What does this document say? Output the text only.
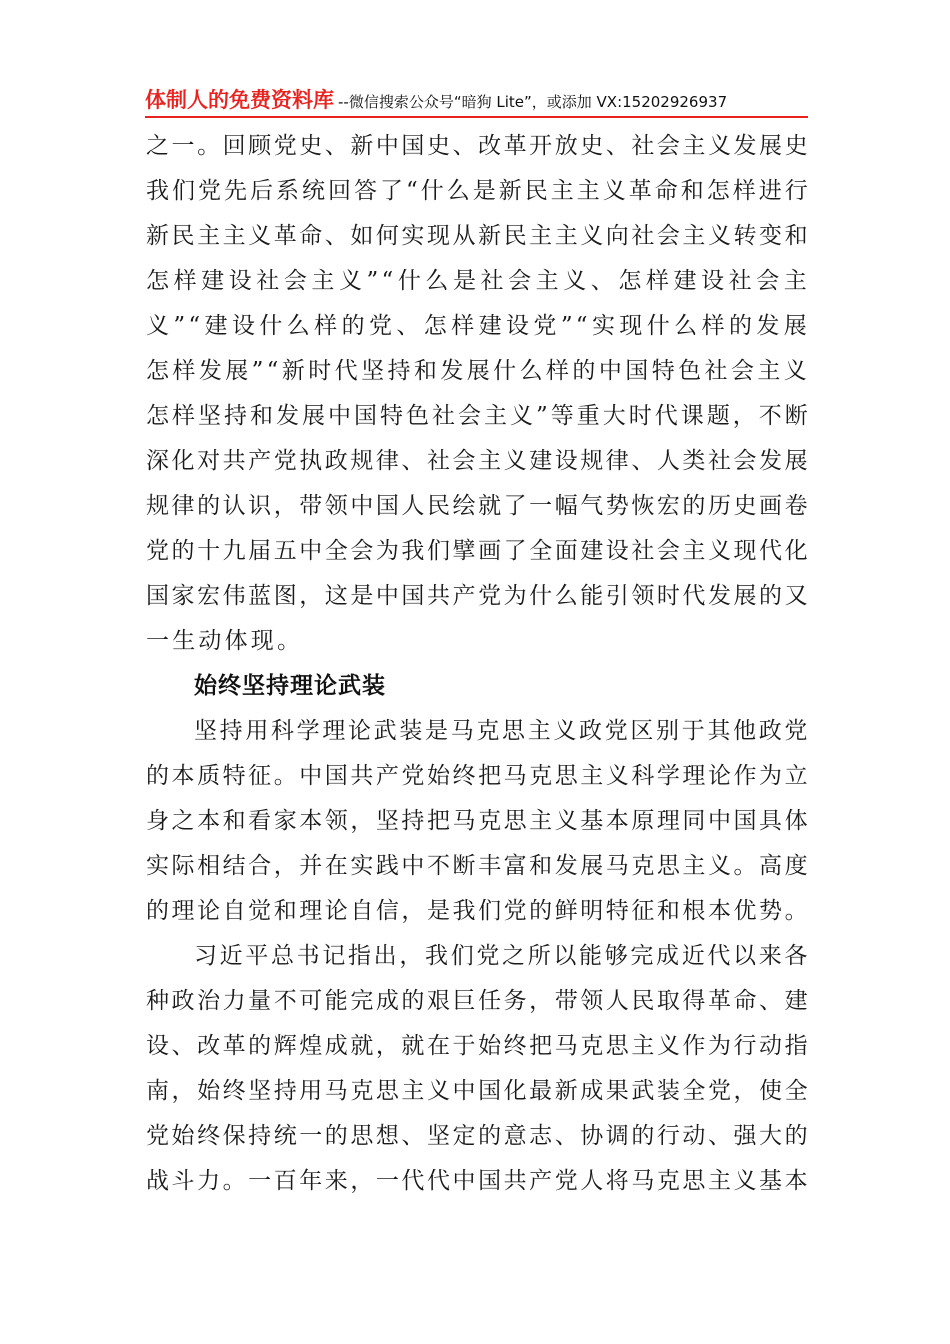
体制人的免费资料库 --微信搜索公众号“暗狗 Lite”，或添加 VX:15202926937
之一。回顾党史、新中国史、改革开放史、社会主义发展史
我们党先后系统回答了“什么是新民主主义革命和怎样进行
新民主主义革命、如何实现从新民主主义向社会主义转变和
怎样建设社会主义”“什么是社会主义、怎样建设社会主
义”“建设什么样的党、怎样建设党”“实现什么样的发展
怎样发展”“新时代坚持和发展什么样的中国特色社会主义
怎样坚持和发展中国特色社会主义”等重大时代课题，不断
深化对共产党执政规律、社会主义建设规律、人类社会发展
规律的认识，带领中国人民绘就了一幅气势恢宏的历史画卷
党的十九届五中全会为我们擘画了全面建设社会主义现代化
国家宏伟蓝图，这是中国共产党为什么能引领时代发展的又
一生动体现。
始终坚持理论武装
坚持用科学理论武装是马克思主义政党区别于其他政党
的本质特征。中国共产党始终把马克思主义科学理论作为立
身之本和看家本领，坚持把马克思主义基本原理同中国具体
实际相结合，并在实践中不断丰富和发展马克思主义。高度
的理论自觉和理论自信，是我们党的鲜明特征和根本优势。
习近平总书记指出，我们党之所以能够完成近代以来各
种政治力量不可能完成的艰巨任务，带领人民取得革命、建
设、改革的辉煌成就，就在于始终把马克思主义作为行动指
南，始终坚持用马克思主义中国化最新成果武装全党，使全
党始终保持统一的思想、坚定的意志、协调的行动、强大的
战斗力。一百年来，一代代中国共产党人将马克思主义基本
